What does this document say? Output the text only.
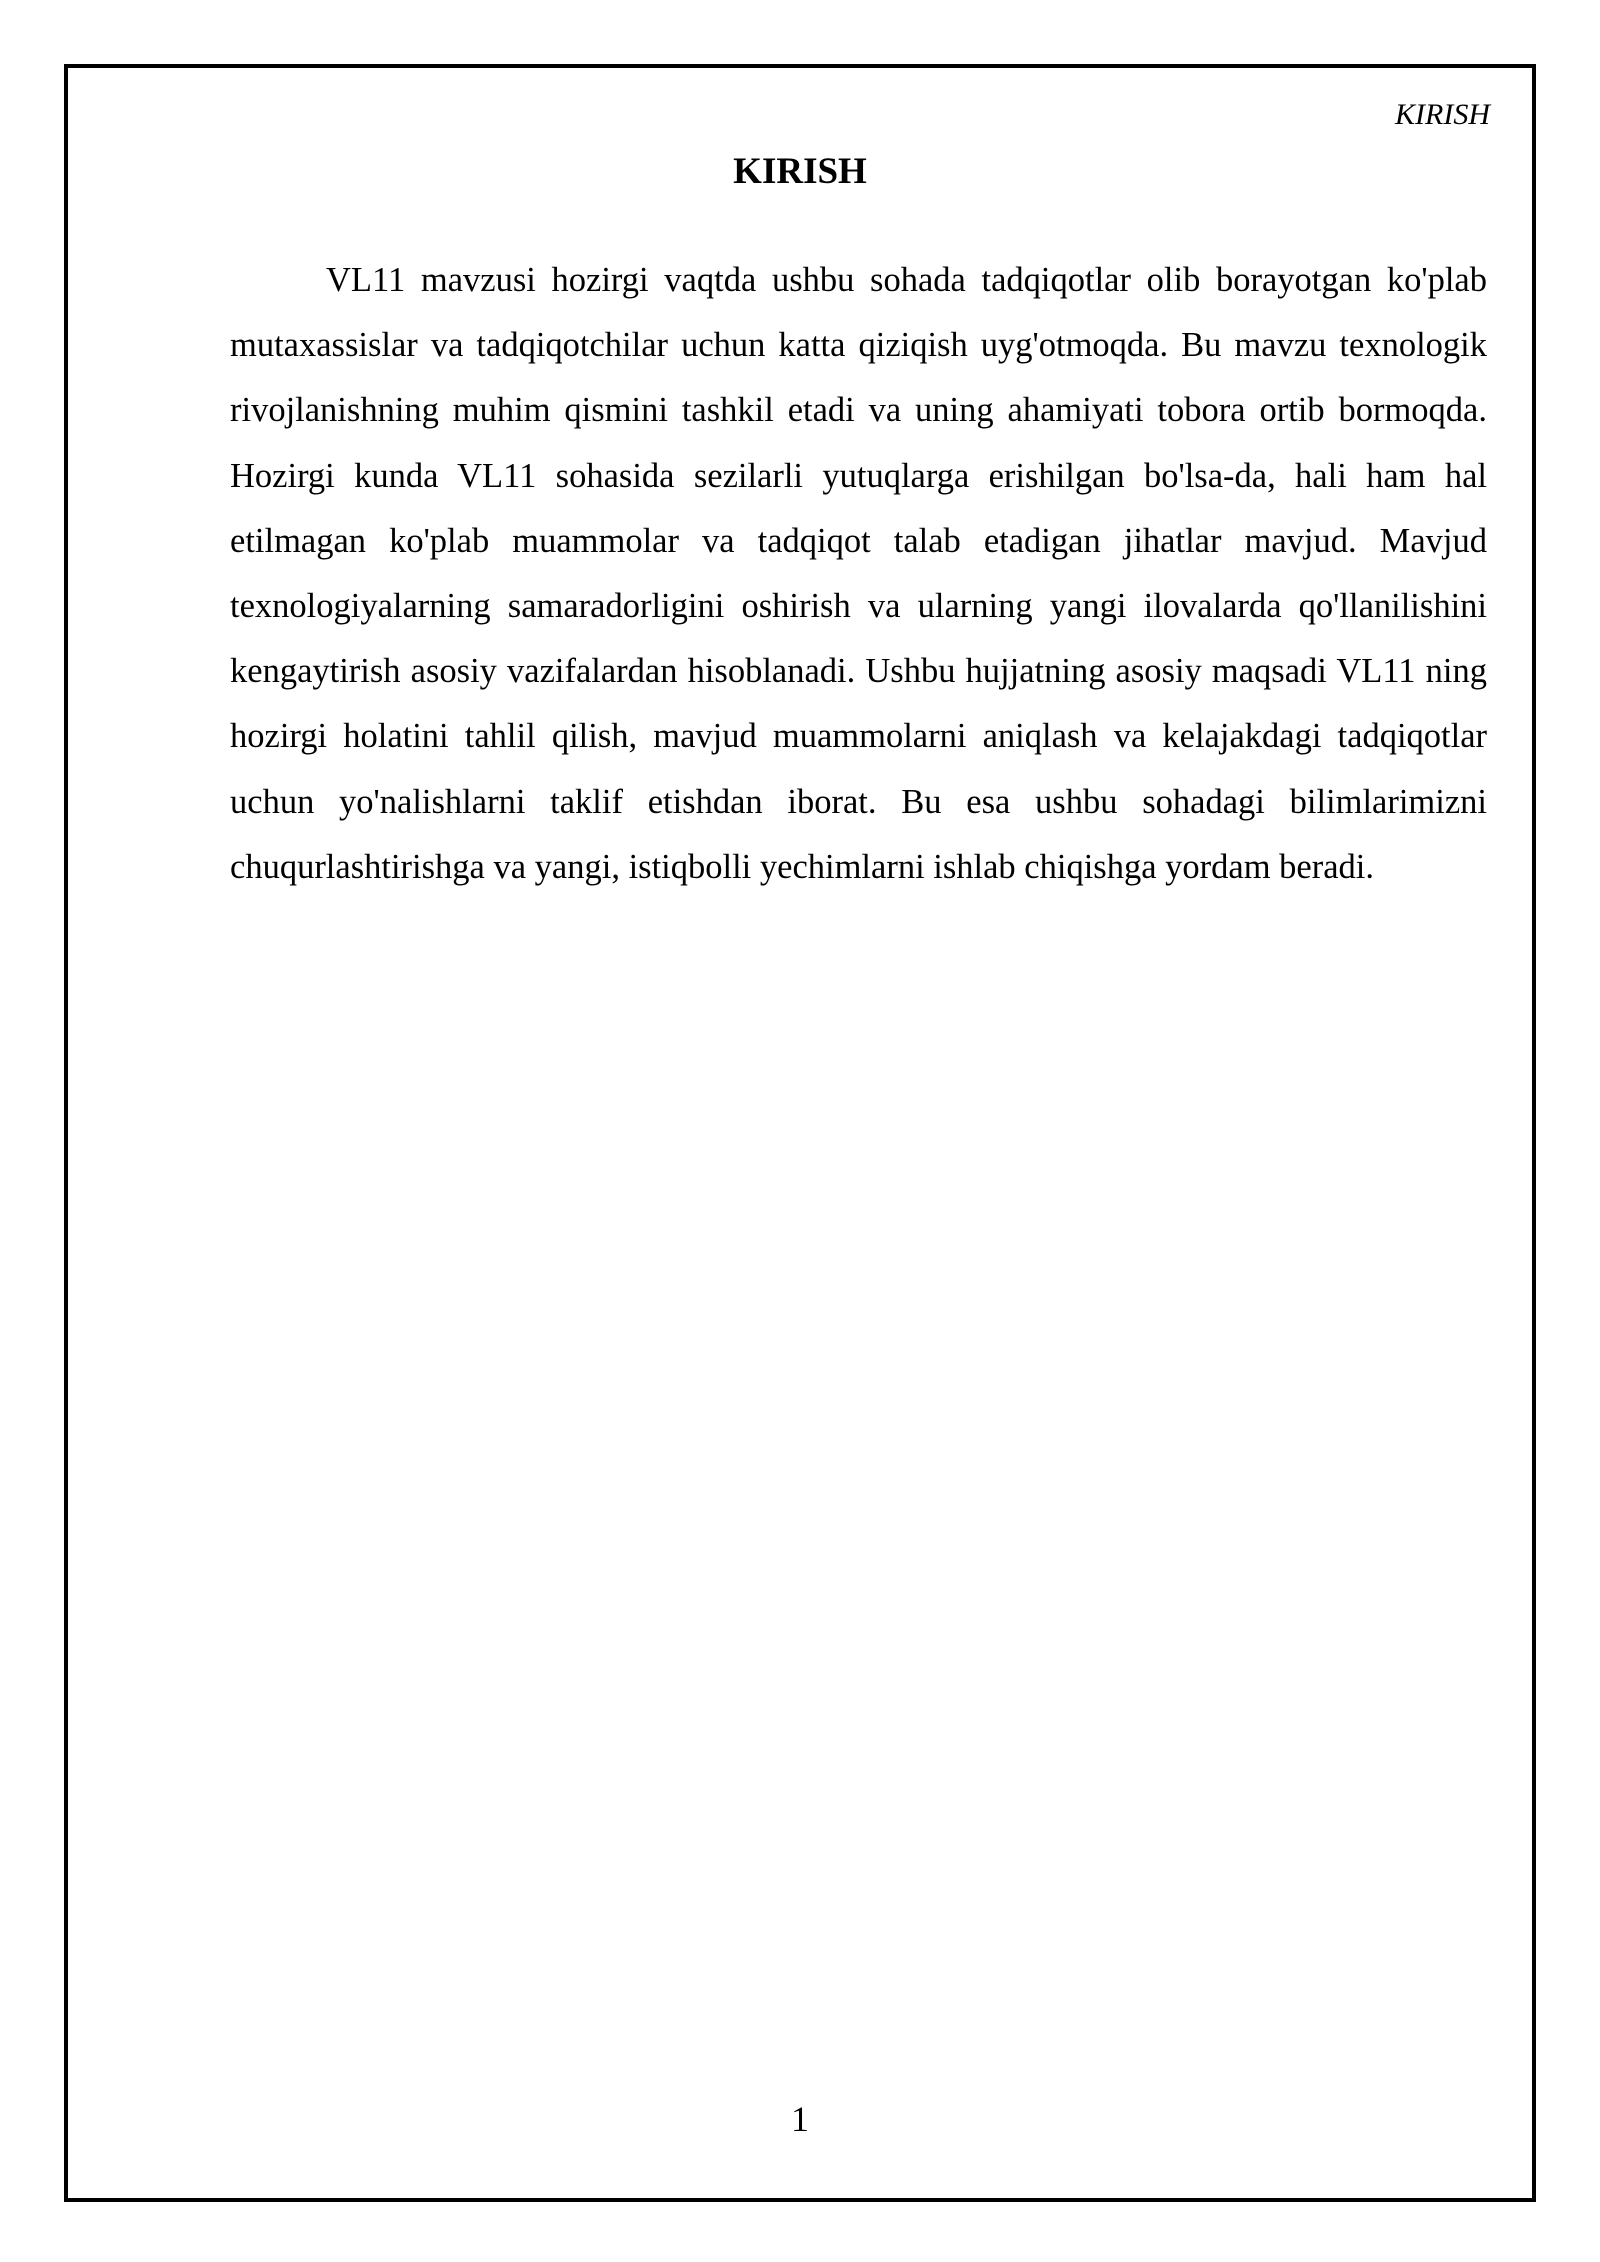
KIRISH
KIRISH

VL11 mavzusi hozirgi vaqtda ushbu sohada tadqiqotlar olib borayotgan ko'plab mutaxassislar va tadqiqotchilar uchun katta qiziqish uyg'otmoqda. Bu mavzu texnologik rivojlanishning muhim qismini tashkil etadi va uning ahamiyati tobora ortib bormoqda. Hozirgi kunda VL11 sohasida sezilarli yutuqlarga erishilgan bo'lsa-da, hali ham hal etilmagan ko'plab muammolar va tadqiqot talab etadigan jihatlar mavjud. Mavjud texnologiyalarning samaradorligini oshirish va ularning yangi ilovalarda qo'llanilishini kengaytirish asosiy vazifalardan hisoblanadi. Ushbu hujjatning asosiy maqsadi VL11 ning hozirgi holatini tahlil qilish, mavjud muammolarni aniqlash va kelajakdagi tadqiqotlar uchun yo'nalishlarni taklif etishdan iborat. Bu esa ushbu sohadagi bilimlarimizni chuqurlashtirishga va yangi, istiqbolli yechimlarni ishlab chiqishga yordam beradi.

1
